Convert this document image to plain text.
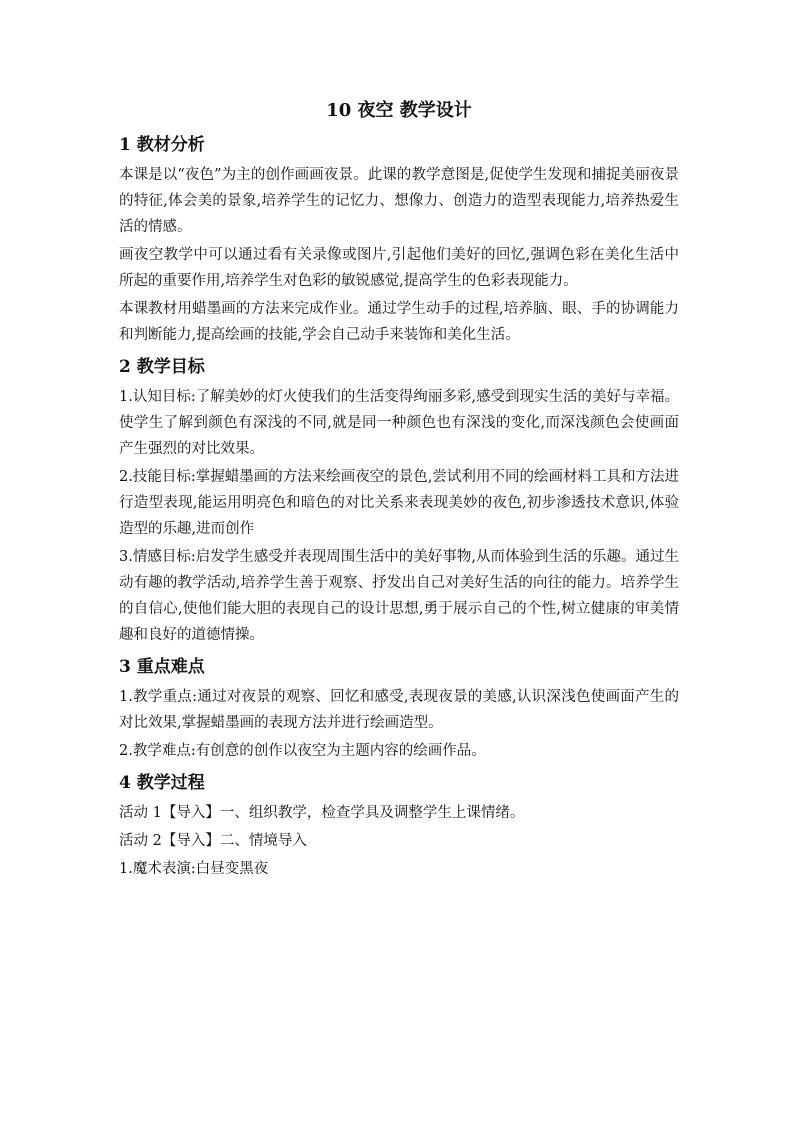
10 夜空 教学设计
1 教材分析

本课是以“夜色”为主的创作画画夜景。此课的教学意图是,促使学生发现和捕捉美丽夜景的特征,体会美的景象,培养学生的记忆力、想像力、创造力的造型表现能力,培养热爱生活的情感。

画夜空教学中可以通过看有关录像或图片,引起他们美好的回忆,强调色彩在美化生活中所起的重要作用,培养学生对色彩的敏锐感觉,提高学生的色彩表现能力。

本课教材用蜡墨画的方法来完成作业。通过学生动手的过程,培养脑、眼、手的协调能力和判断能力,提高绘画的技能,学会自己动手来装饰和美化生活。

2 教学目标

1.认知目标:了解美妙的灯火使我们的生活变得绚丽多彩,感受到现实生活的美好与幸福。使学生了解到颜色有深浅的不同,就是同一种颜色也有深浅的变化,而深浅颜色会使画面产生强烈的对比效果。

2.技能目标:掌握蜡墨画的方法来绘画夜空的景色,尝试利用不同的绘画材料工具和方法进行造型表现,能运用明亮色和暗色的对比关系来表现美妙的夜色,初步渗透技术意识,体验造型的乐趣,进而创作

3.情感目标:启发学生感受并表现周围生活中的美好事物,从而体验到生活的乐趣。通过生动有趣的教学活动,培养学生善于观察、抒发出自己对美好生活的向往的能力。培养学生的自信心,使他们能大胆的表现自己的设计思想,勇于展示自己的个性,树立健康的审美情趣和良好的道德情操。

3 重点难点

1.教学重点:通过对夜景的观察、回忆和感受,表现夜景的美感,认识深浅色使画面产生的对比效果,掌握蜡墨画的表现方法并进行绘画造型。

2.教学难点:有创意的创作以夜空为主题内容的绘画作品。

4 教学过程

活动 1【导入】一、组织教学，检查学具及调整学生上课情绪。

活动 2【导入】二、情境导入

1.魔术表演:白昼变黑夜
